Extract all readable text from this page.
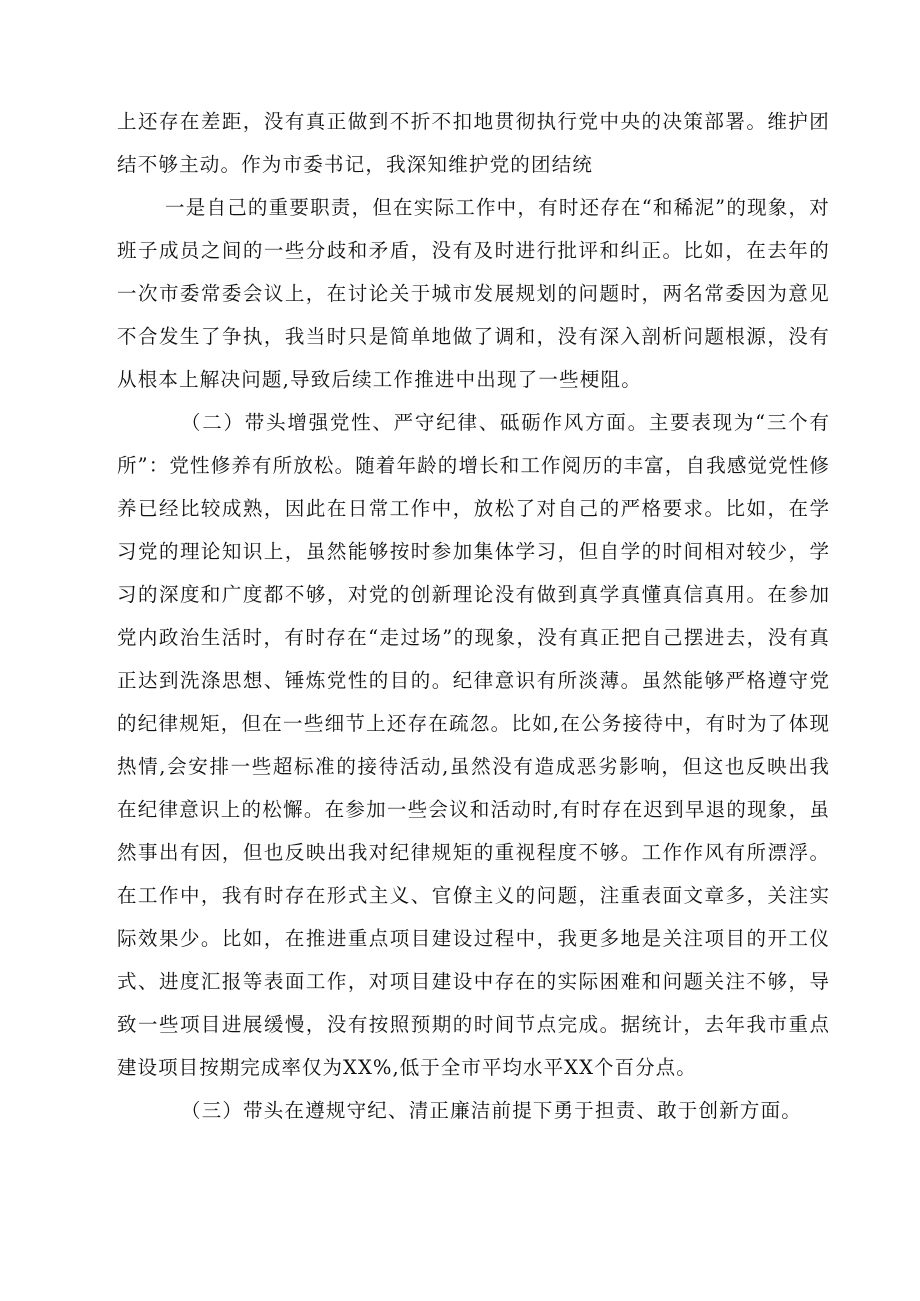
上还存在差距，没有真正做到不折不扣地贯彻执行党中央的决策部署。维护团结不够主动。作为市委书记，我深知维护党的团结统

一是自己的重要职责，但在实际工作中，有时还存在“和稀泥”的现象，对班子成员之间的一些分歧和矛盾，没有及时进行批评和纠正。比如，在去年的一次市委常委会议上，在讨论关于城市发展规划的问题时，两名常委因为意见不合发生了争执，我当时只是简单地做了调和，没有深入剖析问题根源，没有从根本上解决问题,导致后续工作推进中出现了一些梗阻。

（二）带头增强党性、严守纪律、砥砺作风方面。主要表现为“三个有所”：党性修养有所放松。随着年龄的增长和工作阅历的丰富，自我感觉党性修养已经比较成熟，因此在日常工作中，放松了对自己的严格要求。比如，在学习党的理论知识上，虽然能够按时参加集体学习，但自学的时间相对较少，学习的深度和广度都不够，对党的创新理论没有做到真学真懂真信真用。在参加党内政治生活时，有时存在“走过场”的现象，没有真正把自己摆进去，没有真正达到洗涤思想、锤炼党性的目的。纪律意识有所淡薄。虽然能够严格遵守党的纪律规矩，但在一些细节上还存在疏忽。比如,在公务接待中，有时为了体现热情,会安排一些超标准的接待活动,虽然没有造成恶劣影响，但这也反映出我在纪律意识上的松懈。在参加一些会议和活动时,有时存在迟到早退的现象，虽然事出有因，但也反映出我对纪律规矩的重视程度不够。工作作风有所漂浮。在工作中，我有时存在形式主义、官僚主义的问题，注重表面文章多，关注实际效果少。比如，在推进重点项目建设过程中，我更多地是关注项目的开工仪式、进度汇报等表面工作，对项目建设中存在的实际困难和问题关注不够，导致一些项目进展缓慢，没有按照预期的时间节点完成。据统计，去年我市重点建设项目按期完成率仅为XX%,低于全市平均水平XX个百分点。

（三）带头在遵规守纪、清正廉洁前提下勇于担责、敢于创新方面。
